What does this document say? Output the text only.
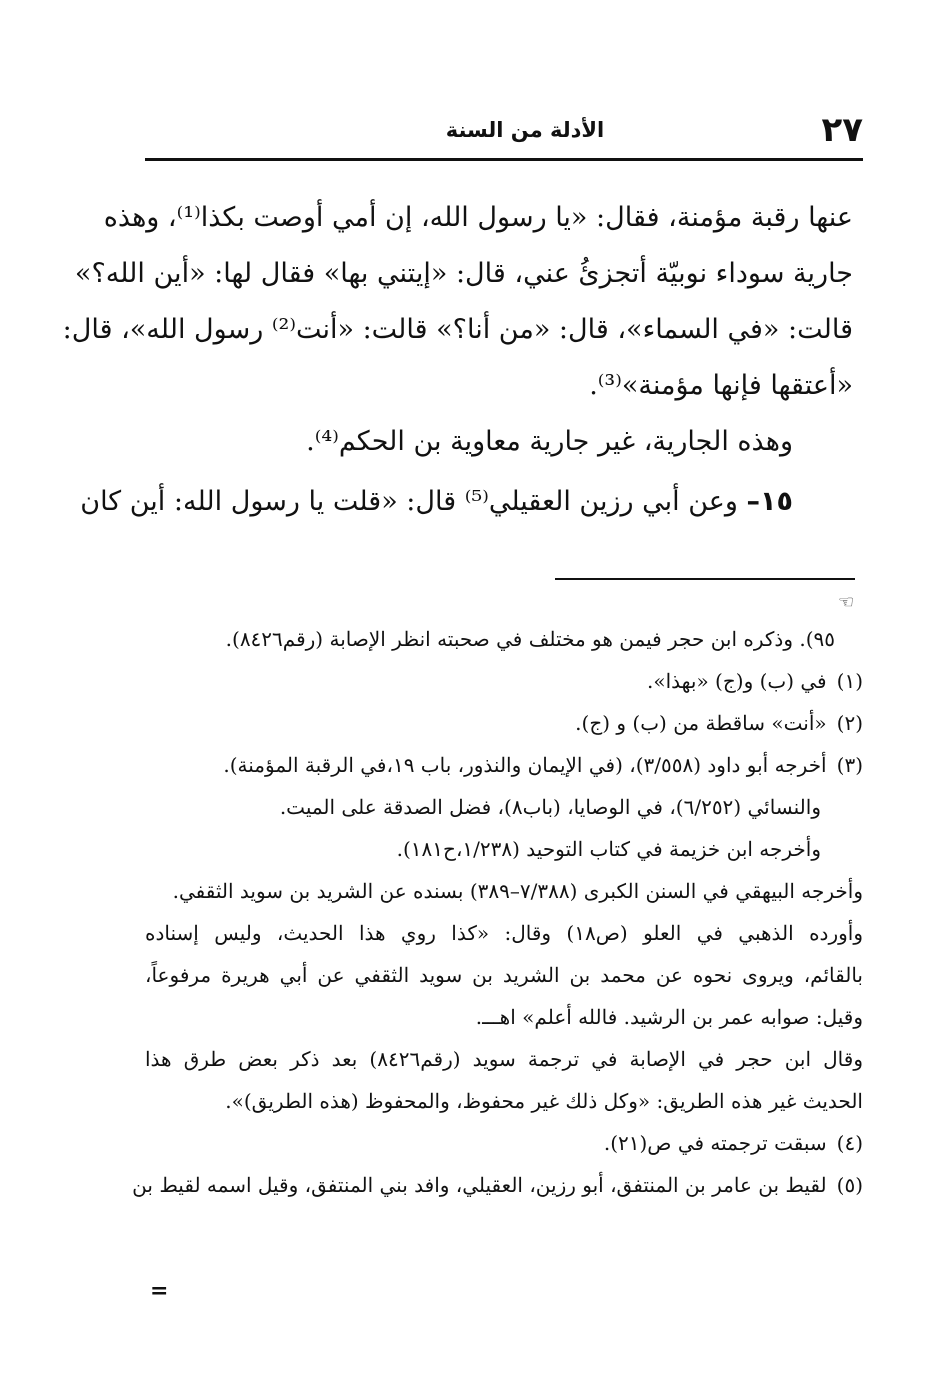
٢٧
الأدلة من السنة
عنها رقبة مؤمنة، فقال: «يا رسول الله، إن أمي أوصت بكذا⁽¹⁾، وهذه
جارية سوداء نوبيّة أتجزئُ عني، قال: «إيتني بها» فقال لها: «أين الله؟»
قالت: «في السماء»، قال: «من أنا؟» قالت: «أنت⁽²⁾ رسول الله»، قال:
«أعتقها فإنها مؤمنة»⁽³⁾.
وهذه الجارية، غير جارية معاوية بن الحكم⁽⁴⁾.
١٥– وعن أبي رزين العقيلي⁽⁵⁾ قال: «قلت يا رسول الله: أين كان
☜
٩٥). وذكره ابن حجر فيمن هو مختلف في صحبته انظر الإصابة (رقم٨٤٢٦).
(١)في (ب) و(ج) «بهذا».
(٢)«أنت» ساقطة من (ب) و (ج).
(٣)أخرجه أبو داود (٣/٥٥٨)، (في الإيمان والنذور، باب ١٩،في الرقبة المؤمنة).
والنسائي (٦/٢٥٢)، في الوصايا، (باب٨)، فضل الصدقة على الميت.
وأخرجه ابن خزيمة في كتاب التوحيد (١/٢٣٨،ح١٨١).
وأخرجه البيهقي في السنن الكبرى (٧/٣٨٨–٣٨٩) بسنده عن الشريد بن سويد الثقفي.
وأورده الذهبي في العلو (ص١٨) وقال: «كذا روي هذا الحديث، وليس إسناده
بالقائم، ويروى نحوه عن محمد بن الشريد بن سويد الثقفي عن أبي هريرة مرفوعاً،
وقيل: صوابه عمر بن الرشيد. فالله أعلم» اهـــ.
وقال ابن حجر في الإصابة في ترجمة سويد (رقم٨٤٢٦) بعد ذكر بعض طرق هذا
الحديث غير هذه الطريق: «وكل ذلك غير محفوظ، والمحفوظ (هذه الطريق)».
(٤)سبقت ترجمته في ص(٢١).
(٥)لقيط بن عامر بن المنتفق، أبو رزين، العقيلي، وافد بني المنتفق، وقيل اسمه لقيط بن
=
